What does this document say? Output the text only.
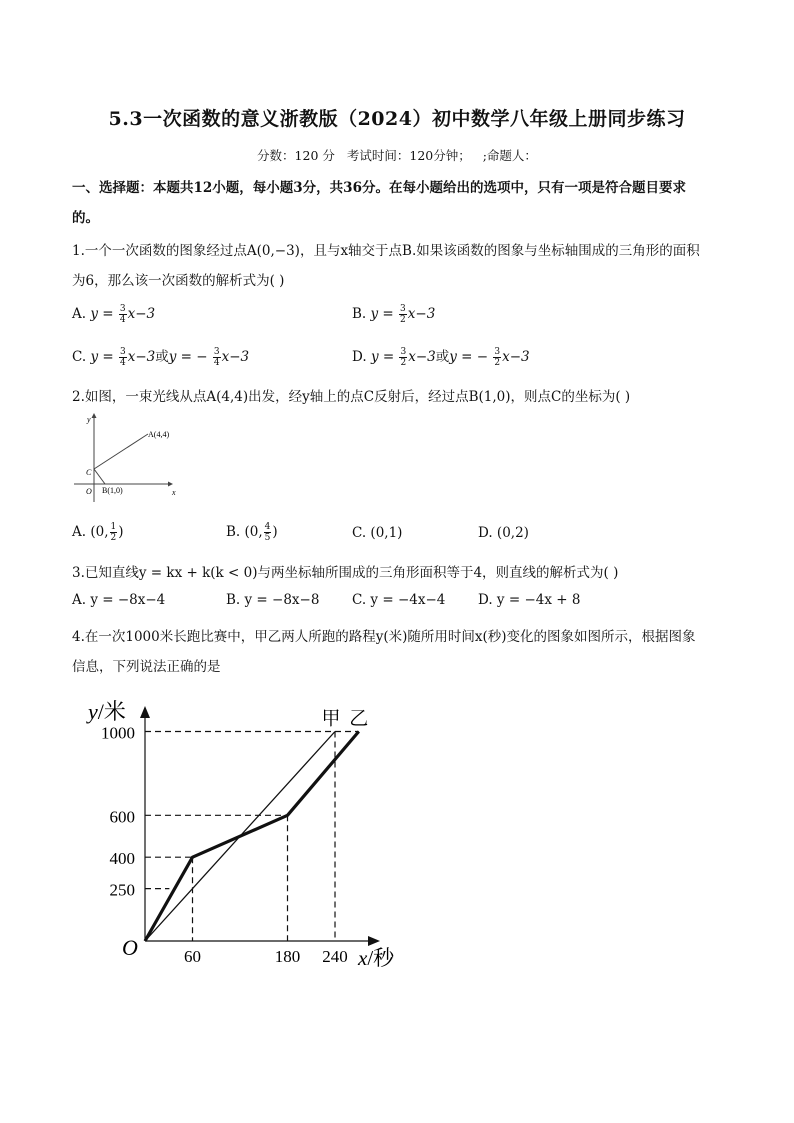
5.3一次函数的意义浙教版（2024）初中数学八年级上册同步练习
分数：120 分 考试时间：120分钟； ;命题人：
一、选择题：本题共12小题，每小题3分，共36分。在每小题给出的选项中，只有一项是符合题目要求
的。
1.一个一次函数的图象经过点A(0,−3)，且与x轴交于点B.如果该函数的图象与坐标轴围成的三角形的面积
为6，那么该一次函数的解析式为( )
A. $y = \frac{3}{4} x-3$	B. $y = \frac{3}{2} x-3$
C. $y = \frac{3}{4} x-3$或y = − $\frac{3}{4} x-3$	D. $y = \frac{3}{2} x-3$或y = − $\frac{3}{2} x-3$
2.如图，一束光线从点A(4,4)出发，经y轴上的点C反射后，经过点B(1,0)，则点C的坐标为( )
y
x
O
C
A(4,4)
B(1,0)
A. (0, $\frac{1}{2}$ )	B. (0, $\frac{4}{5}$ )	C. (0,1)	D. (0,2)
3.已知直线y = kx + k(k < 0)与两坐标轴所围成的三角形面积等于4，则直线的解析式为( )
A. y = −8x−4	B. y = −8x−8 C. y = −4x−4 D. y = −4x + 8
4.在一次1000米长跑比赛中，甲乙两人所跑的路程y(米)随所用时间x(秒)变化的图象如图所示，根据图象
信息，下列说法正确的是
y/米
x/秒
O
250
400
600
1000
60	180 240
甲 乙
